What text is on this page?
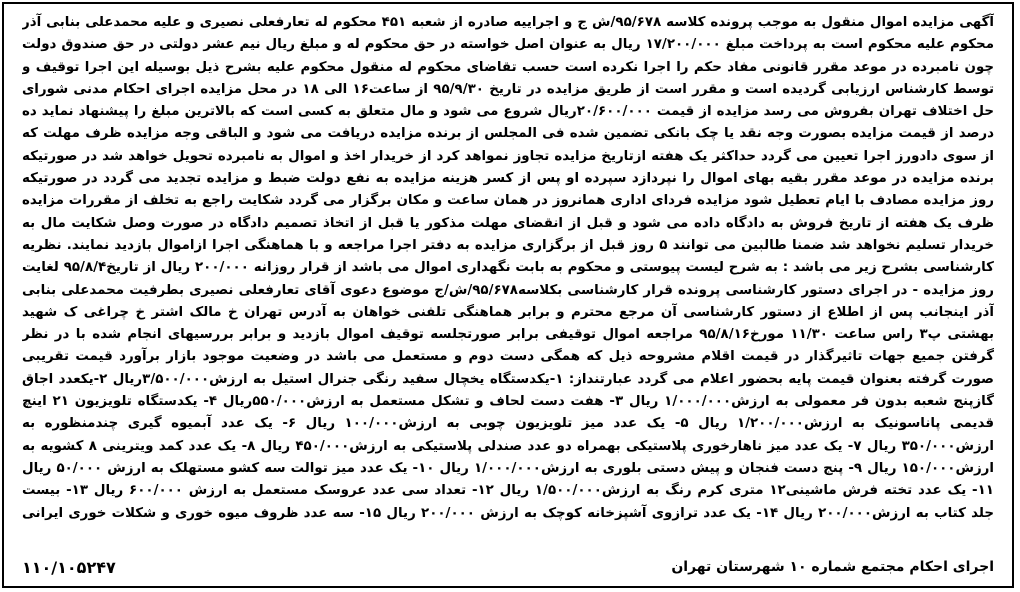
آگهی مزایده اموال منقول به موجب پرونده کلاسه ۹۵/۶۷۸/ش ج و اجراییه صادره از شعبه ۴۵۱ محکوم له تعارفعلی نصیری و علیه محمدعلی بنابی آذر محکوم علیه محکوم است به پرداخت مبلغ ۱۷/۲۰۰/۰۰۰ ریال به عنوان اصل خواسته در حق محکوم له و مبلغ ریال نیم عشر دولتی در حق صندوق دولت چون نامبرده در موعد مقرر قانونی مفاد حکم را اجرا نکرده است حسب تقاضای محکوم له منقول محکوم علیه بشرح ذیل بوسیله این اجرا توقیف و توسط کارشناس ارزیابی گردیده است و مقرر است از طریق مزایده در تاریخ ۹۵/۹/۳۰ از ساعت۱۶ الی ۱۸ در محل مزایده اجرای احکام مدنی شورای حل اختلاف تهران بفروش می رسد مزایده از قیمت ۲۰/۶۰۰/۰۰۰ریال شروع می شود و مال متعلق به کسی است که بالاترین مبلغ را پیشنهاد نماید ده درصد از قیمت مزایده بصورت وجه نقد یا چک بانکی تضمین شده فی المجلس از برنده مزایده دریافت می شود و الباقی وجه مزایده ظرف مهلت که از سوی دادورز اجرا تعیین می گردد حداکثر یک هفته ازتاریخ مزایده تجاوز نمواهد کرد از خریدار اخذ و اموال به نامبرده تحویل خواهد شد در صورتیکه برنده مزایده در موعد مقرر بقیه بهای اموال را نپردازد سپرده او پس از کسر هزینه مزایده به نفع دولت ضبط و مزایده تجدید می گردد در صورتیکه روز مزایده مصادف با ایام تعطیل شود مزایده فردای اداری همانروز در همان ساعت و مکان برگزار می گردد شکایت راجع به تخلف از مقررات مزایده ظرف یک هفته از تاریخ فروش به دادگاه داده می شود و قبل از انقضای مهلت مذکور یا قبل از اتخاذ تصمیم دادگاه در صورت وصل شکایت مال به خریدار تسلیم نخواهد شد ضمنا طالبین می توانند ۵ روز قبل از برگزاری مزایده به دفتر اجرا مراجعه و با هماهنگی اجرا ازاموال بازدید نمایند. نظریه کارشناسی بشرح زیر می باشد : به شرح لیست پیوستی و محکوم به بابت نگهداری اموال می باشد از قرار روزانه ۲۰۰/۰۰۰ ریال از تاریخ۹۵/۸/۴ لغایت روز مزایده - در اجرای دستور کارشناسی پرونده قرار کارشناسی بکلاسه۹۵/۶۷۸/ش/ج موضوع دعوی آقای تعارفعلی نصیری بطرفیت محمدعلی بنابی آذر اینجانب پس از اطلاع از دستور کارشناسی آن مرجع محترم و برابر هماهنگی تلفنی خواهان به آدرس تهران خ مالک اشتر خ چراغی ک شهید بهشتی پ۳ راس ساعت ۱۱/۳۰ مورخ۹۵/۸/۱۶ مراجعه اموال توقیفی برابر صورتجلسه توقیف اموال بازدید و برابر بررسیهای انجام شده با در نظر گرفتن جمیع جهات تاثیرگذار در قیمت اقلام مشروحه ذیل که همگی دست دوم و مستعمل می باشد در وضعیت موجود بازار برآورد قیمت تقریبی صورت گرفته بعنوان قیمت پایه بحضور اعلام می گردد عبارتنداز: ۱-یکدستگاه یخچال سفید رنگی جنرال استیل به ارزش۳/۵۰۰/۰۰۰ریال ۲-یکعدد اجاق گازپنج شعبه بدون فر معمولی به ارزش۱/۰۰۰/۰۰۰ ریال ۳- هفت دست لحاف و تشکل مستعمل به ارزش۵۵۰/۰۰۰ریال ۴- یکدستگاه تلویزیون ۲۱ اینچ قدیمی پاناسونیک به ارزش۱/۲۰۰/۰۰۰ ریال ۵- یک عدد میز تلویزیون چوبی به ارزش۱۰۰/۰۰۰ ریال ۶- یک عدد آبمیوه گیری چندمنظوره به ارزش۳۵۰/۰۰۰ ریال ۷- یک عدد میز ناهارخوری پلاستیکی بهمراه دو عدد صندلی پلاستیکی به ارزش۴۵۰/۰۰۰ ریال ۸- یک عدد کمد ویترینی ۸ کشویه به ارزش۱۵۰/۰۰۰ ریال ۹- پنج دست فنجان و پیش دستی بلوری به ارزش۱/۰۰۰/۰۰۰ ریال ۱۰- یک عدد میز توالت سه کشو مستهلک به ارزش ۵۰/۰۰۰ ریال ۱۱- یک عدد تخته فرش ماشینی۱۲ متری کرم رنگ به ارزش۱/۵۰۰/۰۰۰ ریال ۱۲- تعداد سی عدد عروسک مستعمل به ارزش ۶۰۰/۰۰۰ ریال ۱۳- بیست جلد کتاب به ارزش۲۰۰/۰۰۰ ریال ۱۴- یک عدد ترازوی آشپزخانه کوچک به ارزش ۲۰۰/۰۰۰ ریال ۱۵- سه عدد ظروف میوه خوری و شکلات خوری ایرانی

اجرای احکام مجتمع شماره ۱۰ شهرستان تهران
۱۱۰/۱۰۵۲۴۷
